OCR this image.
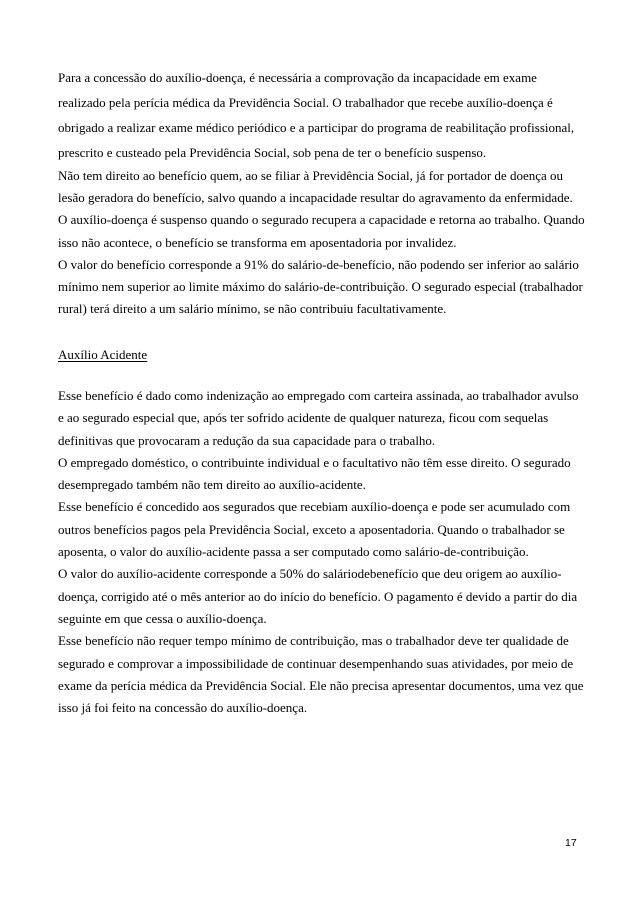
Para a concessão do auxílio-doença, é necessária a comprovação da incapacidade em exame
realizado pela perícia médica da Previdência Social. O trabalhador que recebe auxílio-doença é
obrigado a realizar exame médico periódico e a participar do programa de reabilitação profissional,
prescrito e custeado pela Previdência Social, sob pena de ter o benefício suspenso.
Não tem direito ao benefício quem, ao se filiar à Previdência Social, já for portador de doença ou
lesão geradora do benefício, salvo quando a incapacidade resultar do agravamento da enfermidade.
O auxílio-doença é suspenso quando o segurado recupera a capacidade e retorna ao trabalho. Quando
isso não acontece, o benefício se transforma em aposentadoria por invalidez.
O valor do benefício corresponde a 91% do salário-de-benefício, não podendo ser inferior ao salário
mínimo nem superior ao limite máximo do salário-de-contribuição. O segurado especial (trabalhador
rural) terá direito a um salário mínimo, se não contribuiu facultativamente.
Auxílio Acidente
Esse benefício é dado como indenização ao empregado com carteira assinada, ao trabalhador avulso
e ao segurado especial que, após ter sofrido acidente de qualquer natureza, ficou com sequelas
definitivas que provocaram a redução da sua capacidade para o trabalho.
O empregado doméstico, o contribuinte individual e o facultativo não têm esse direito. O segurado
desempregado também não tem direito ao auxílio-acidente.
Esse benefício é concedido aos segurados que recebiam auxílio-doença e pode ser acumulado com
outros benefícios pagos pela Previdência Social, exceto a aposentadoria. Quando o trabalhador se
aposenta, o valor do auxílio-acidente passa a ser computado como salário-de-contribuição.
O valor do auxílio-acidente corresponde a 50% do saláriodebenefício que deu origem ao auxílio-
doença, corrigido até o mês anterior ao do início do benefício. O pagamento é devido a partir do dia
seguinte em que cessa o auxílio-doença.
Esse benefício não requer tempo mínimo de contribuição, mas o trabalhador deve ter qualidade de
segurado e comprovar a impossibilidade de continuar desempenhando suas atividades, por meio de
exame da perícia médica da Previdência Social. Ele não precisa apresentar documentos, uma vez que
isso já foi feito na concessão do auxílio-doença.
17
